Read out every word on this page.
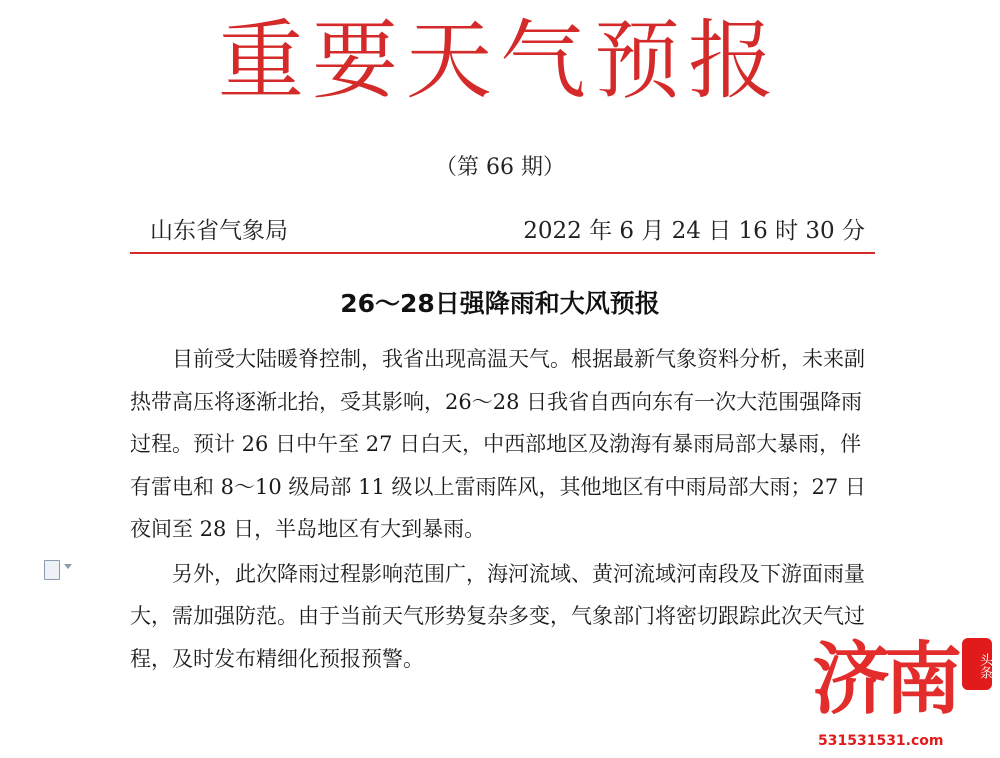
重要天气预报
（第 66 期）
山东省气象局	2022 年 6 月 24 日 16 时 30 分
26～28日强降雨和大风预报

目前受大陆暖脊控制，我省出现高温天气。根据最新气象资料分析，未来副热带高压将逐渐北抬，受其影响，26～28 日我省自西向东有一次大范围强降雨过程。预计 26 日中午至 27 日白天，中西部地区及渤海有暴雨局部大暴雨，伴有雷电和 8～10 级局部 11 级以上雷雨阵风，其他地区有中雨局部大雨；27 日夜间至 28 日，半岛地区有大到暴雨。

另外，此次降雨过程影响范围广，海河流域、黄河流域河南段及下游面雨量大，需加强防范。由于当前天气形势复杂多变，气象部门将密切跟踪此次天气过程，及时发布精细化预报预警。	济南	头条
531531531.com
